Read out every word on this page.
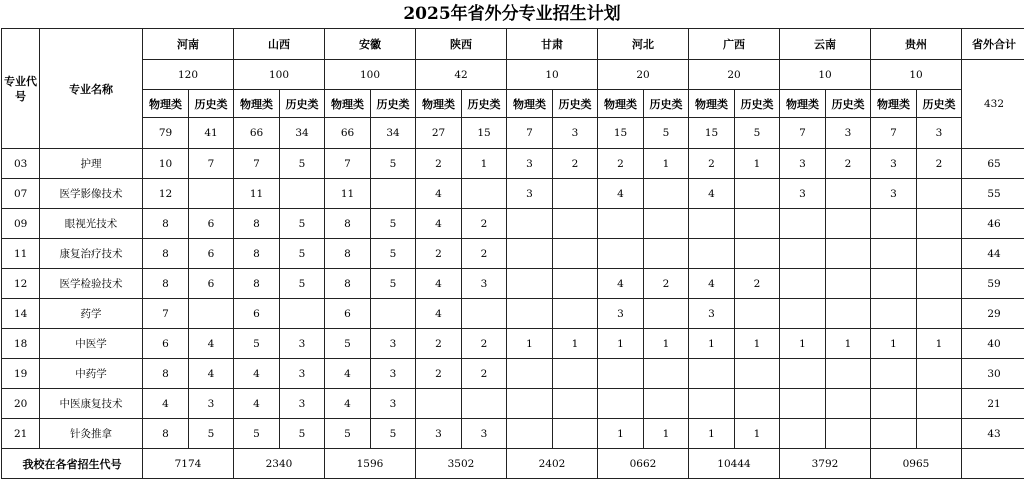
2025年省外分专业招生计划
专业代号	专业名称	河南		山西		安徽		陕西		甘肃		河北		广西		云南		贵州		省外合计
		120		100		100		42		10		20		20		10		10		432
		物理类	历史类	物理类	历史类	物理类	历史类	物理类	历史类	物理类	历史类	物理类	历史类	物理类	历史类	物理类	历史类	物理类	历史类	
		79	41	66	34	66	34	27	15	7	3	15	5	15	5	7	3	7	3	
03	护理	10	7	7	5	7	5	2	1	3	2	2	1	2	1	3	2	3	2	65
07	医学影像技术	12		11		11		4		3		4		4		3		3		55
09	眼视光技术	8	6	8	5	8	5	4	2											46
11	康复治疗技术	8	6	8	5	8	5	2	2											44
12	医学检验技术	8	6	8	5	8	5	4	3			4	2	4	2					59
14	药学	7		6		6		4				3		3						29
18	中医学	6	4	5	3	5	3	2	2	1	1	1	1	1	1	1	1	1	1	40
19	中药学	8	4	4	3	4	3	2	2											30
20	中医康复技术	4	3	4	3	4	3													21
21	针灸推拿	8	5	5	5	5	5	3	3			1	1	1	1					43
我校在各省招生代号		7174		2340		1596		3502		2402		0662		10444		3792		0965		
